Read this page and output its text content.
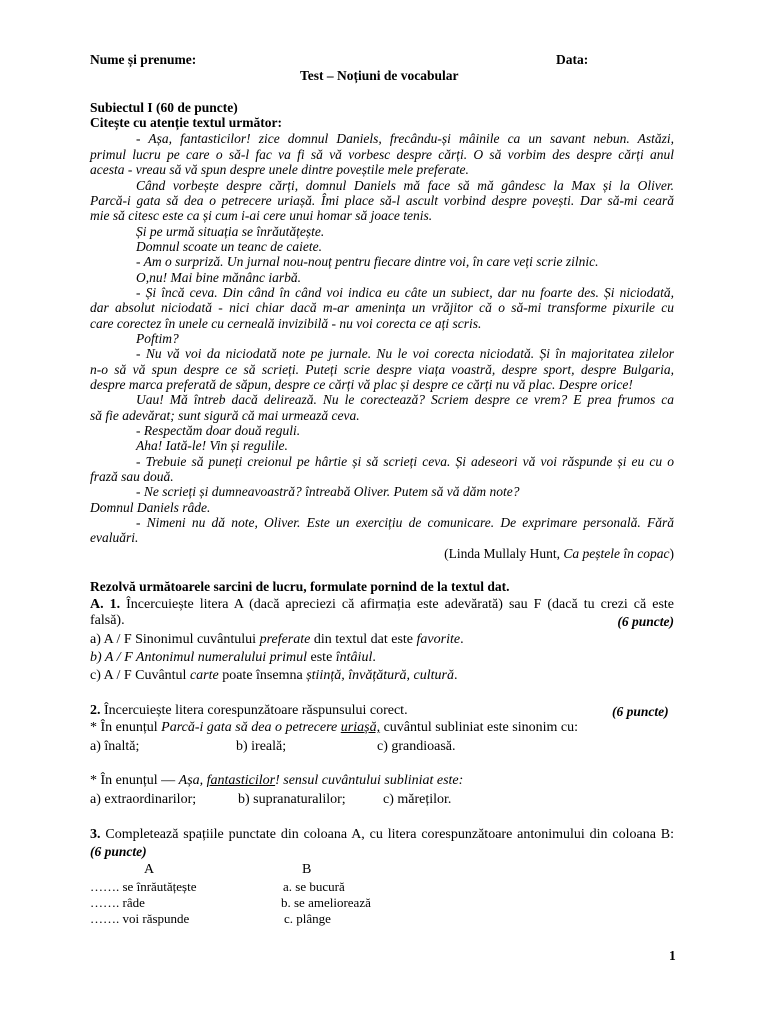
Nume și prenume:	Data:
Test – Noțiuni de vocabular
Subiectul I (60 de puncte)
Citește cu atenție textul următor:
- Așa, fantasticilor! zice domnul Daniels, frecându-și mâinile ca un savant nebun. Astăzi,
primul lucru pe care o să-l fac va fi să vă vorbesc despre cărți. O să vorbim des despre cărți anul
acesta - vreau să vă spun despre unele dintre poveștile mele preferate.
Când vorbește despre cărți, domnul Daniels mă face să mă gândesc la Max și la Oliver.
Parcă-i gata să dea o petrecere uriașă. Îmi place să-l ascult vorbind despre povești. Dar să-mi ceară
mie să citesc este ca și cum i-ai cere unui homar să joace tenis.
Și pe urmă situația se înrăutățește.
Domnul scoate un teanc de caiete.
- Am o surpriză. Un jurnal nou-nouț pentru fiecare dintre voi, în care veți scrie zilnic.
O,nu! Mai bine mănânc iarbă.
- Și încă ceva. Din când în când voi indica eu câte un subiect, dar nu foarte des. Și niciodată,
dar absolut niciodată - nici chiar dacă m-ar amenința un vrăjitor că o să-mi transforme pixurile cu
care corectez în unele cu cerneală invizibilă - nu voi corecta ce ați scris.
Poftim?
- Nu vă voi da niciodată note pe jurnale. Nu le voi corecta niciodată. Și în majoritatea zilelor
n-o să vă spun despre ce să scrieți. Puteți scrie despre viața voastră, despre sport, despre Bulgaria,
despre marca preferată de săpun, despre ce cărți vă plac și despre ce cărți nu vă plac. Despre orice!
Uau! Mă întreb dacă delirează. Nu le corectează? Scriem despre ce vrem? E prea frumos ca
să fie adevărat; sunt sigură că mai urmează ceva.
- Respectăm doar două reguli.
Aha! Iată-le! Vin și regulile.
- Trebuie să puneți creionul pe hârtie și să scrieți ceva. Și adeseori vă voi răspunde și eu cu o
frază sau două.
- Ne scrieți și dumneavoastră? întreabă Oliver. Putem să vă dăm note?
Domnul Daniels râde.
- Nimeni nu dă note, Oliver. Este un exercițiu de comunicare. De exprimare personală. Fără
evaluări.
(Linda Mullaly Hunt, Ca peștele în copac)
Rezolvă următoarele sarcini de lucru, formulate pornind de la textul dat.
A. 1. Încercuiește litera A (dacă apreciezi că afirmația este adevărată) sau F (dacă tu crezi că este
falsă).	(6 puncte)
a) A / F Sinonimul cuvântului preferate din textul dat este favorite.
b) A / F Antonimul numeralului primul este întâiul.
c) A / F Cuvântul carte poate însemna știință, învățătură, cultură.
2. Încercuiește litera corespunzătoare răspunsului corect.	(6 puncte)
* În enunțul Parcă-i gata să dea o petrecere uriașă, cuvântul subliniat este sinonim cu:
a) înaltă;	b) ireală;	c) grandioasă.
* În enunțul — Așa, fantasticilor! sensul cuvântului subliniat este:
a) extraordinarilor;	b) supranaturalilor;	c) măreților.
3. Completează spațiile punctate din coloana A, cu litera corespunzătoare antonimului din coloana B:
(6 puncte)
A	B
……. se înrăutățește	a. se bucură
……. râde	b. se ameliorează
……. voi răspunde	c. plânge
1
